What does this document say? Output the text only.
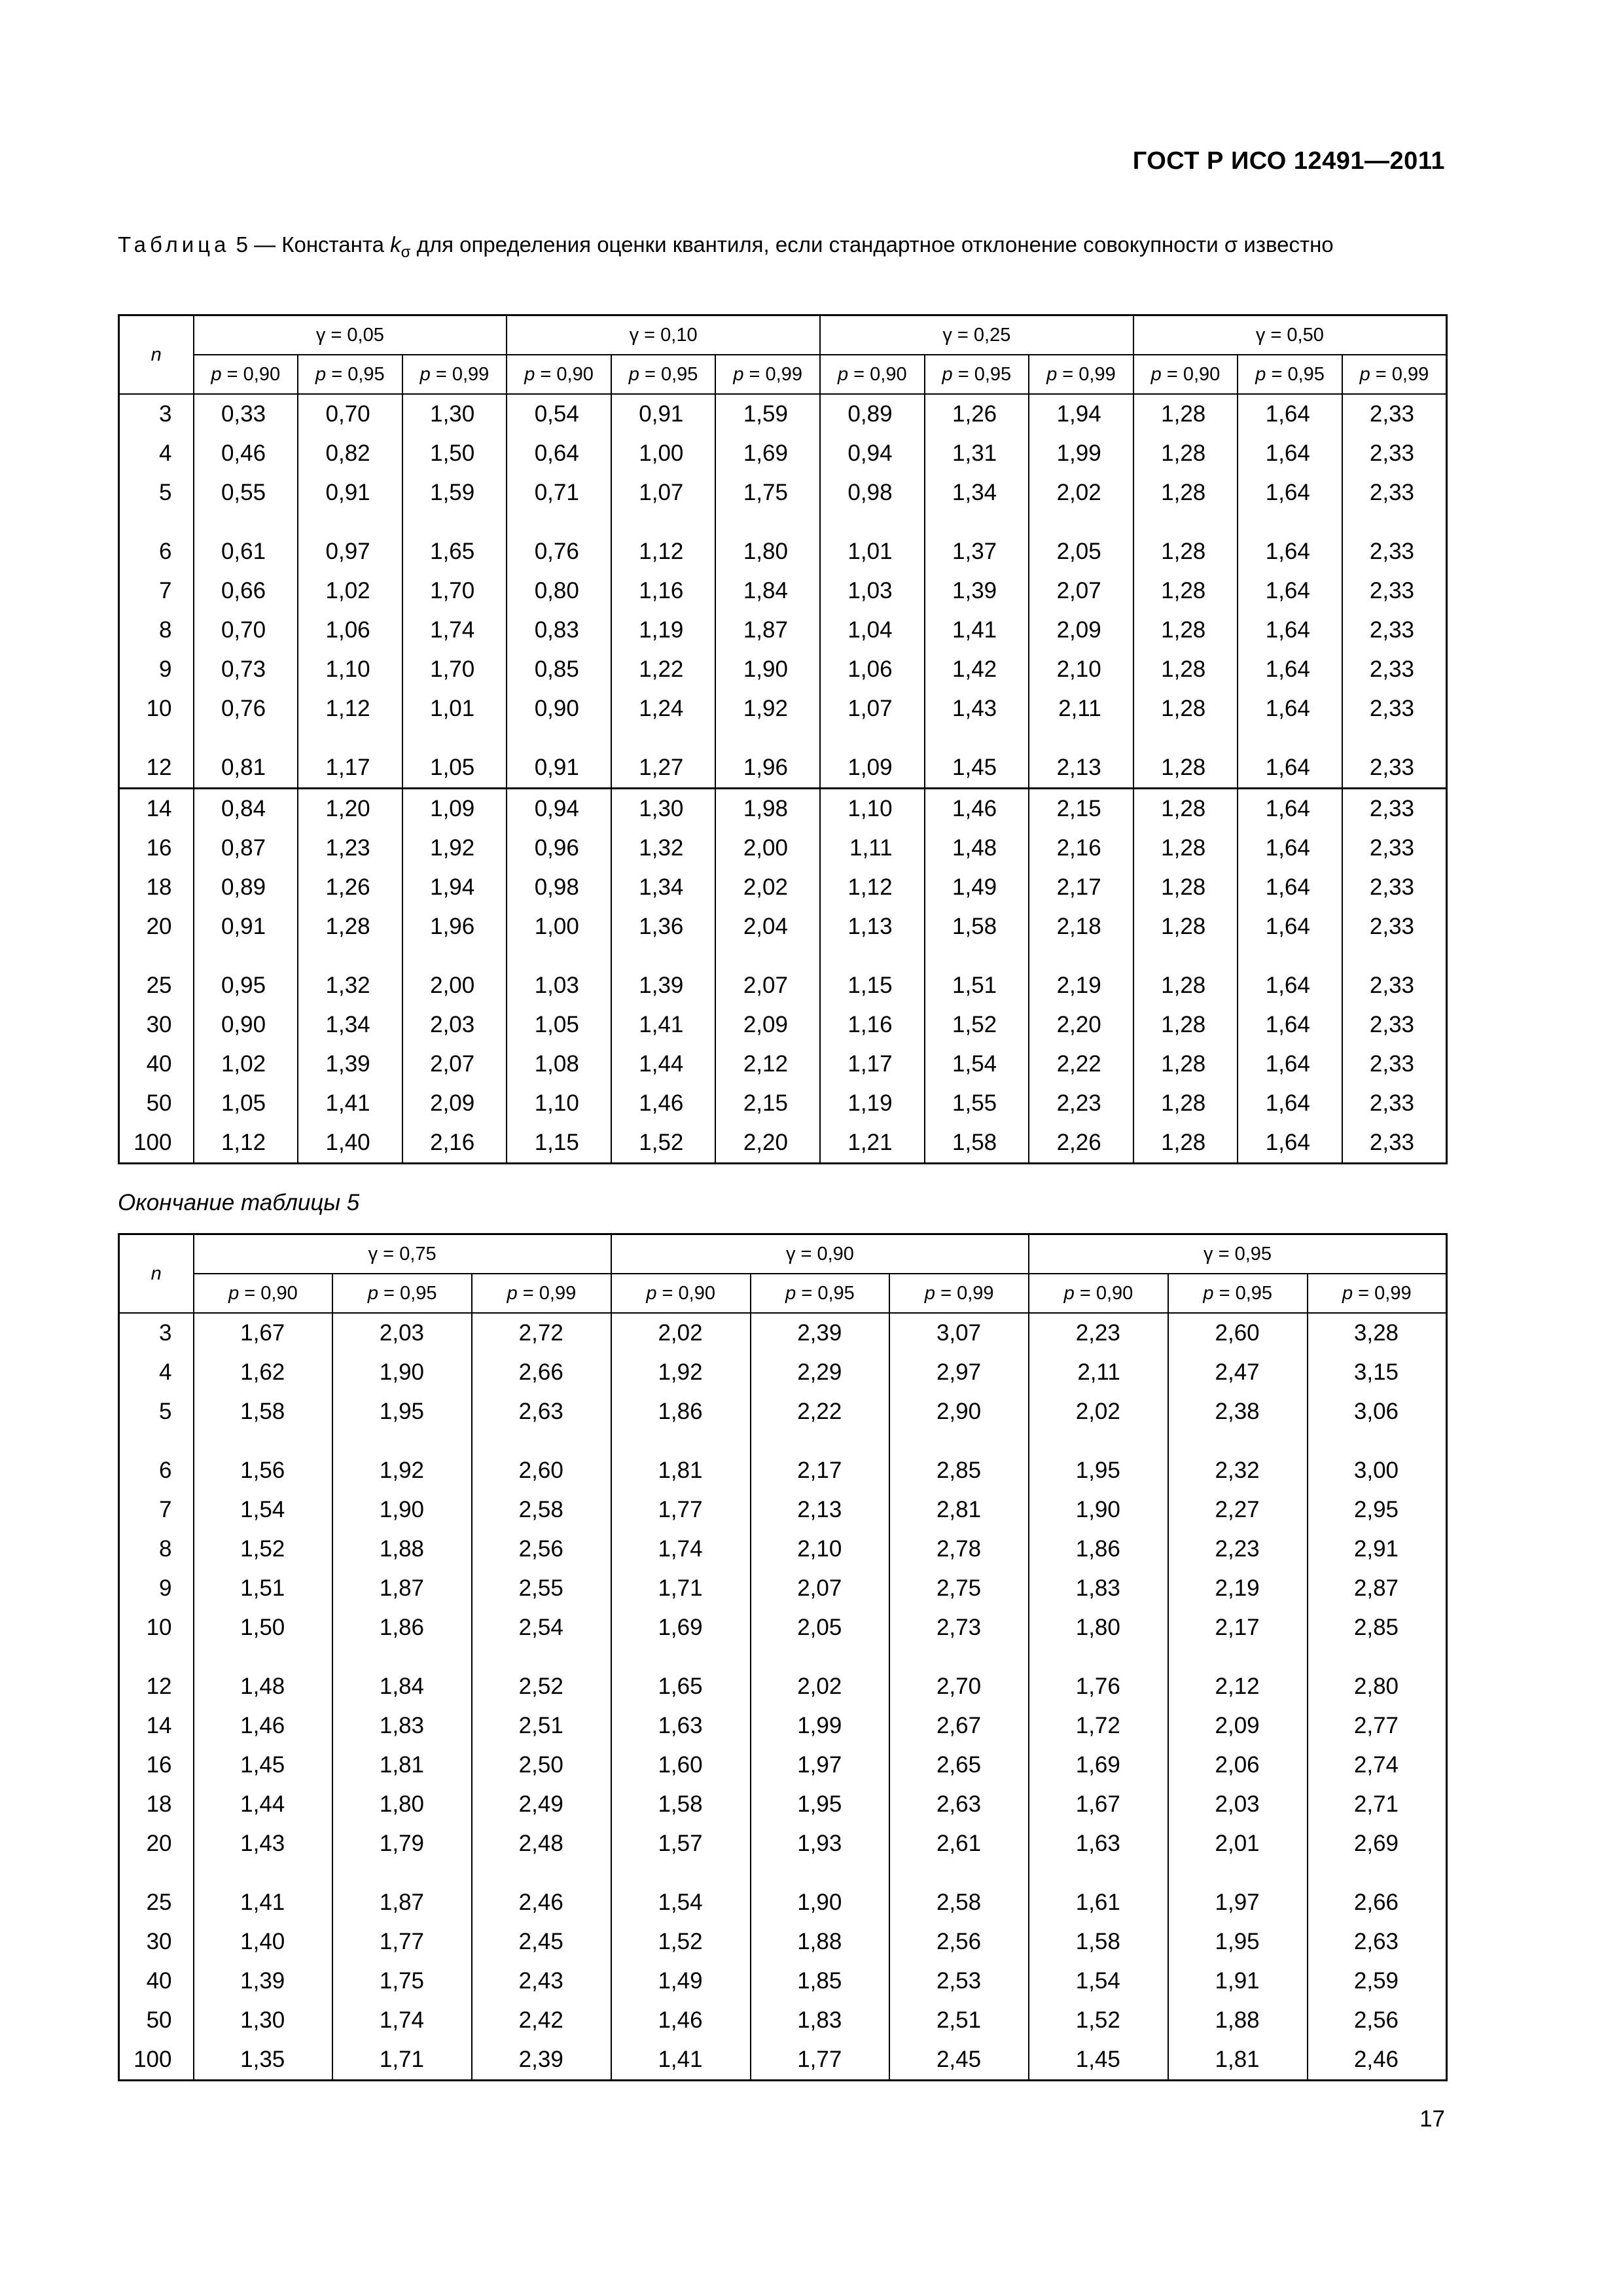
ГОСТ Р ИСО 12491—2011
Таблица 5 — Константа $k_\sigma$ для определения оценки квантиля, если стандартное отклонение совокупности σ известно
n	γ = 0,05			γ = 0,10			γ = 0,25			γ = 0,50		
	p = 0,90	p = 0,95	p = 0,99	p = 0,90	p = 0,95	p = 0,99	p = 0,90	p = 0,95	p = 0,99	p = 0,90	p = 0,95	p = 0,99
3	0,33	0,70	1,30	0,54	0,91	1,59	0,89	1,26	1,94	1,28	1,64	2,33
4	0,46	0,82	1,50	0,64	1,00	1,69	0,94	1,31	1,99	1,28	1,64	2,33
5	0,55	0,91	1,59	0,71	1,07	1,75	0,98	1,34	2,02	1,28	1,64	2,33
6	0,61	0,97	1,65	0,76	1,12	1,80	1,01	1,37	2,05	1,28	1,64	2,33
7	0,66	1,02	1,70	0,80	1,16	1,84	1,03	1,39	2,07	1,28	1,64	2,33
8	0,70	1,06	1,74	0,83	1,19	1,87	1,04	1,41	2,09	1,28	1,64	2,33
9	0,73	1,10	1,70	0,85	1,22	1,90	1,06	1,42	2,10	1,28	1,64	2,33
10	0,76	1,12	1,01	0,90	1,24	1,92	1,07	1,43	2,11	1,28	1,64	2,33
12	0,81	1,17	1,05	0,91	1,27	1,96	1,09	1,45	2,13	1,28	1,64	2,33
14	0,84	1,20	1,09	0,94	1,30	1,98	1,10	1,46	2,15	1,28	1,64	2,33
16	0,87	1,23	1,92	0,96	1,32	2,00	1,11	1,48	2,16	1,28	1,64	2,33
18	0,89	1,26	1,94	0,98	1,34	2,02	1,12	1,49	2,17	1,28	1,64	2,33
20	0,91	1,28	1,96	1,00	1,36	2,04	1,13	1,58	2,18	1,28	1,64	2,33
25	0,95	1,32	2,00	1,03	1,39	2,07	1,15	1,51	2,19	1,28	1,64	2,33
30	0,90	1,34	2,03	1,05	1,41	2,09	1,16	1,52	2,20	1,28	1,64	2,33
40	1,02	1,39	2,07	1,08	1,44	2,12	1,17	1,54	2,22	1,28	1,64	2,33
50	1,05	1,41	2,09	1,10	1,46	2,15	1,19	1,55	2,23	1,28	1,64	2,33
100	1,12	1,40	2,16	1,15	1,52	2,20	1,21	1,58	2,26	1,28	1,64	2,33
Окончание таблицы 5
n	γ = 0,75			γ = 0,90			γ = 0,95		
	p = 0,90	p = 0,95	p = 0,99	p = 0,90	p = 0,95	p = 0,99	p = 0,90	p = 0,95	p = 0,99
3	1,67	2,03	2,72	2,02	2,39	3,07	2,23	2,60	3,28
4	1,62	1,90	2,66	1,92	2,29	2,97	2,11	2,47	3,15
5	1,58	1,95	2,63	1,86	2,22	2,90	2,02	2,38	3,06
6	1,56	1,92	2,60	1,81	2,17	2,85	1,95	2,32	3,00
7	1,54	1,90	2,58	1,77	2,13	2,81	1,90	2,27	2,95
8	1,52	1,88	2,56	1,74	2,10	2,78	1,86	2,23	2,91
9	1,51	1,87	2,55	1,71	2,07	2,75	1,83	2,19	2,87
10	1,50	1,86	2,54	1,69	2,05	2,73	1,80	2,17	2,85
12	1,48	1,84	2,52	1,65	2,02	2,70	1,76	2,12	2,80
14	1,46	1,83	2,51	1,63	1,99	2,67	1,72	2,09	2,77
16	1,45	1,81	2,50	1,60	1,97	2,65	1,69	2,06	2,74
18	1,44	1,80	2,49	1,58	1,95	2,63	1,67	2,03	2,71
20	1,43	1,79	2,48	1,57	1,93	2,61	1,63	2,01	2,69
25	1,41	1,87	2,46	1,54	1,90	2,58	1,61	1,97	2,66
30	1,40	1,77	2,45	1,52	1,88	2,56	1,58	1,95	2,63
40	1,39	1,75	2,43	1,49	1,85	2,53	1,54	1,91	2,59
50	1,30	1,74	2,42	1,46	1,83	2,51	1,52	1,88	2,56
100	1,35	1,71	2,39	1,41	1,77	2,45	1,45	1,81	2,46
17
